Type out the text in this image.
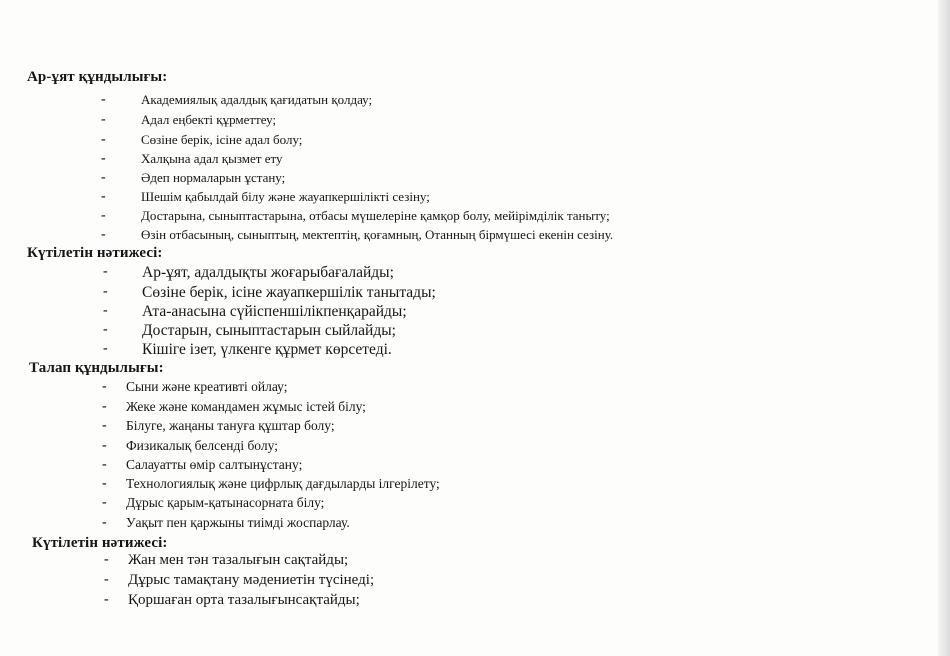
Ар-ұят құндылығы:
-	Академиялық адалдық қағидатын қолдау;
-	Адал еңбекті құрметтеу;
-	Сөзіне берік, ісіне адал болу;
-	Халқына адал қызмет ету
-	Әдеп нормаларын ұстану;
-	Шешім қабылдай білу және жауапкершілікті сезіну;
-	Достарына, сыныптастарына, отбасы мүшелеріне қамқор болу, мейірімділік таныту;
-	Өзін отбасының, сыныптың, мектептің, қоғамның, Отанның бірмүшесі екенін сезіну.
Күтілетін нәтижесі:
- Ар-ұят, адалдықты жоғарыбағалайды;
- Сөзіне берік, ісіне жауапкершілік танытады;
- Ата-анасына сүйіспеншілікпенқарайды;
- Достарын, сыныптастарын сыйлайды;
- Кішіге ізет, үлкенге құрмет көрсетеді.
Талап құндылығы:
- Сыни және креативті ойлау;
- Жеке және командамен жұмыс істей білу;
- Білуге, жаңаны тануға құштар болу;
- Физикалық белсенді болу;
- Салауатты өмір салтынұстану;
- Технологиялық және цифрлық дағдыларды ілгерілету;
- Дұрыс қарым-қатынасорната білу;
- Уақыт пен қаржыны тиімді жоспарлау.
Күтілетін нәтижесі:
- Жан мен тән тазалығын сақтайды;
- Дұрыс тамақтану мәдениетін түсінеді;
- Қоршаған орта тазалығынсақтайды;
